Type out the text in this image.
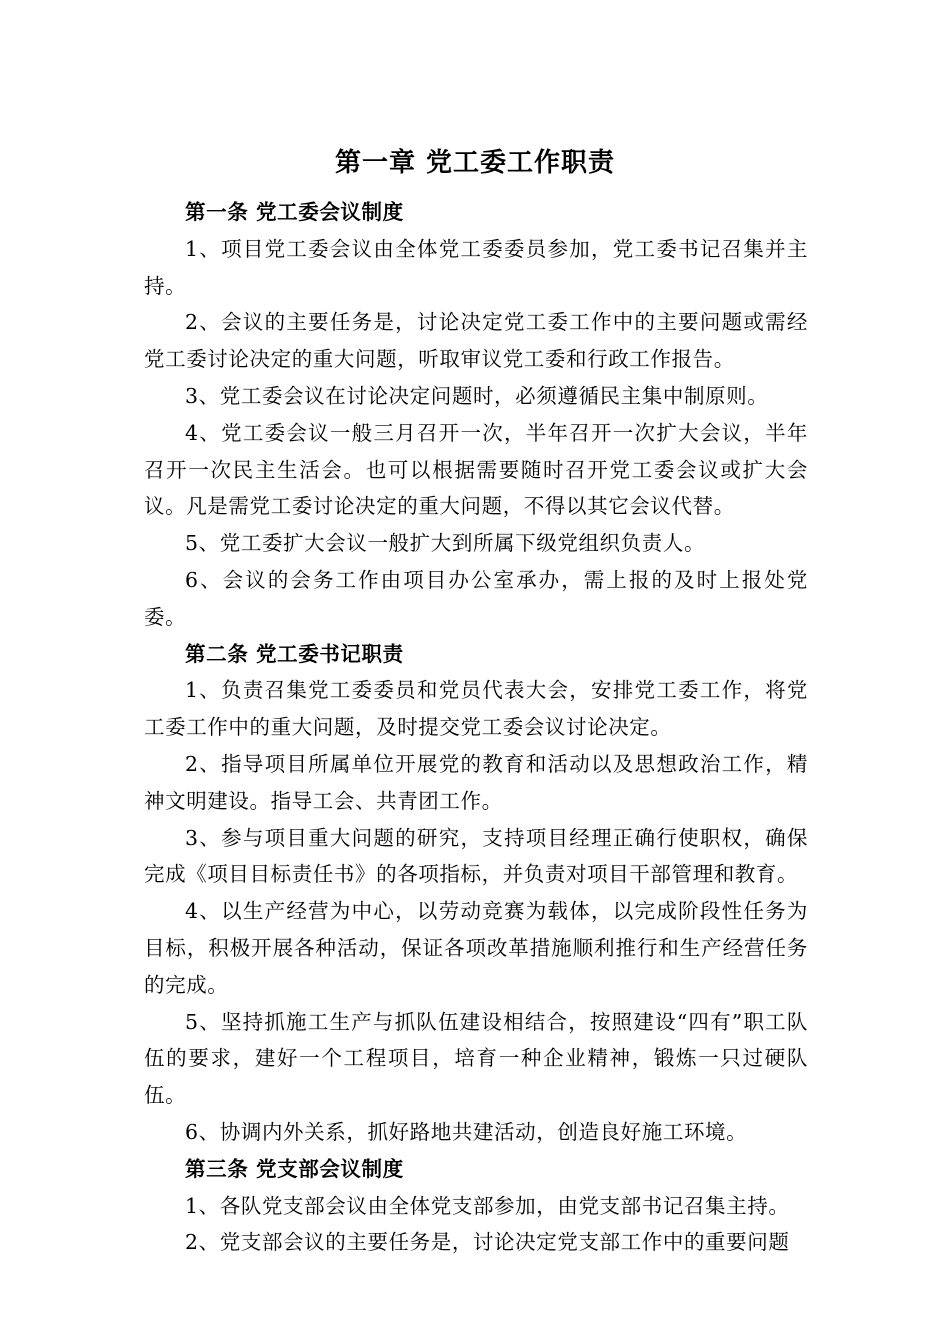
第一章 党工委工作职责

第一条 党工委会议制度

1、项目党工委会议由全体党工委委员参加，党工委书记召集并主持。

2、会议的主要任务是，讨论决定党工委工作中的主要问题或需经党工委讨论决定的重大问题，听取审议党工委和行政工作报告。

3、党工委会议在讨论决定问题时，必须遵循民主集中制原则。

4、党工委会议一般三月召开一次，半年召开一次扩大会议，半年召开一次民主生活会。也可以根据需要随时召开党工委会议或扩大会议。凡是需党工委讨论决定的重大问题，不得以其它会议代替。

5、党工委扩大会议一般扩大到所属下级党组织负责人。

6、会议的会务工作由项目办公室承办，需上报的及时上报处党委。

第二条 党工委书记职责

1、负责召集党工委委员和党员代表大会，安排党工委工作，将党工委工作中的重大问题，及时提交党工委会议讨论决定。

2、指导项目所属单位开展党的教育和活动以及思想政治工作，精神文明建设。指导工会、共青团工作。

3、参与项目重大问题的研究，支持项目经理正确行使职权，确保完成《项目目标责任书》的各项指标，并负责对项目干部管理和教育。

4、以生产经营为中心，以劳动竞赛为载体，以完成阶段性任务为目标，积极开展各种活动，保证各项改革措施顺利推行和生产经营任务的完成。

5、坚持抓施工生产与抓队伍建设相结合，按照建设“四有”职工队伍的要求，建好一个工程项目，培育一种企业精神，锻炼一只过硬队伍。

6、协调内外关系，抓好路地共建活动，创造良好施工环境。

第三条 党支部会议制度

1、各队党支部会议由全体党支部参加，由党支部书记召集主持。

2、党支部会议的主要任务是，讨论决定党支部工作中的重要问题
